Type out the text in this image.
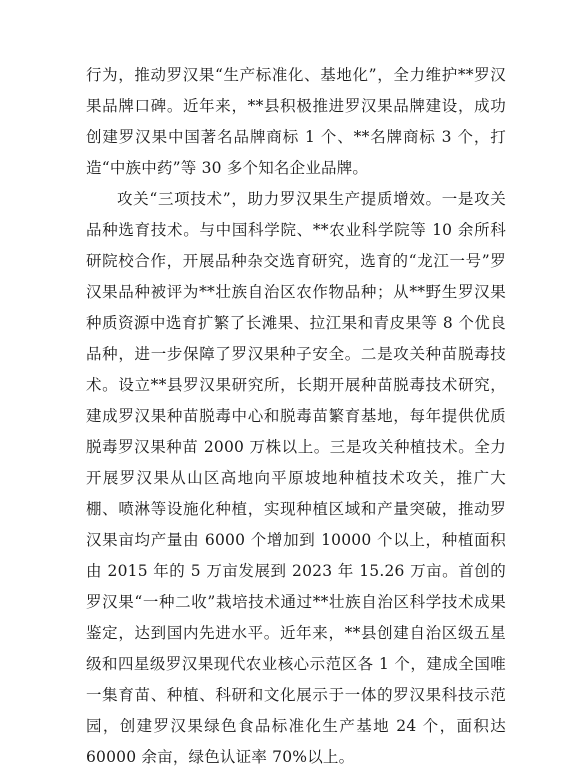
行为，推动罗汉果“生产标准化、基地化”，全力维护**罗汉果品牌口碑。近年来，**县积极推进罗汉果品牌建设，成功创建罗汉果中国著名品牌商标 1 个、**名牌商标 3 个，打造“中族中药”等 30 多个知名企业品牌。

攻关“三项技术”，助力罗汉果生产提质增效。一是攻关品种选育技术。与中国科学院、**农业科学院等 10 余所科研院校合作，开展品种杂交选育研究，选育的“龙江一号”罗汉果品种被评为**壮族自治区农作物品种；从**野生罗汉果种质资源中选育扩繁了长滩果、拉江果和青皮果等 8 个优良品种，进一步保障了罗汉果种子安全。二是攻关种苗脱毒技术。设立**县罗汉果研究所，长期开展种苗脱毒技术研究，建成罗汉果种苗脱毒中心和脱毒苗繁育基地，每年提供优质脱毒罗汉果种苗 2000 万株以上。三是攻关种植技术。全力开展罗汉果从山区高地向平原坡地种植技术攻关，推广大棚、喷淋等设施化种植，实现种植区域和产量突破，推动罗汉果亩均产量由 6000 个增加到 10000 个以上，种植面积由 2015 年的 5 万亩发展到 2023 年 15.26 万亩。首创的罗汉果“一种二收”栽培技术通过**壮族自治区科学技术成果鉴定，达到国内先进水平。近年来，**县创建自治区级五星级和四星级罗汉果现代农业核心示范区各 1 个，建成全国唯一集育苗、种植、科研和文化展示于一体的罗汉果科技示范园，创建罗汉果绿色食品标准化生产基地 24 个，面积达 60000 余亩，绿色认证率 70%以上。
